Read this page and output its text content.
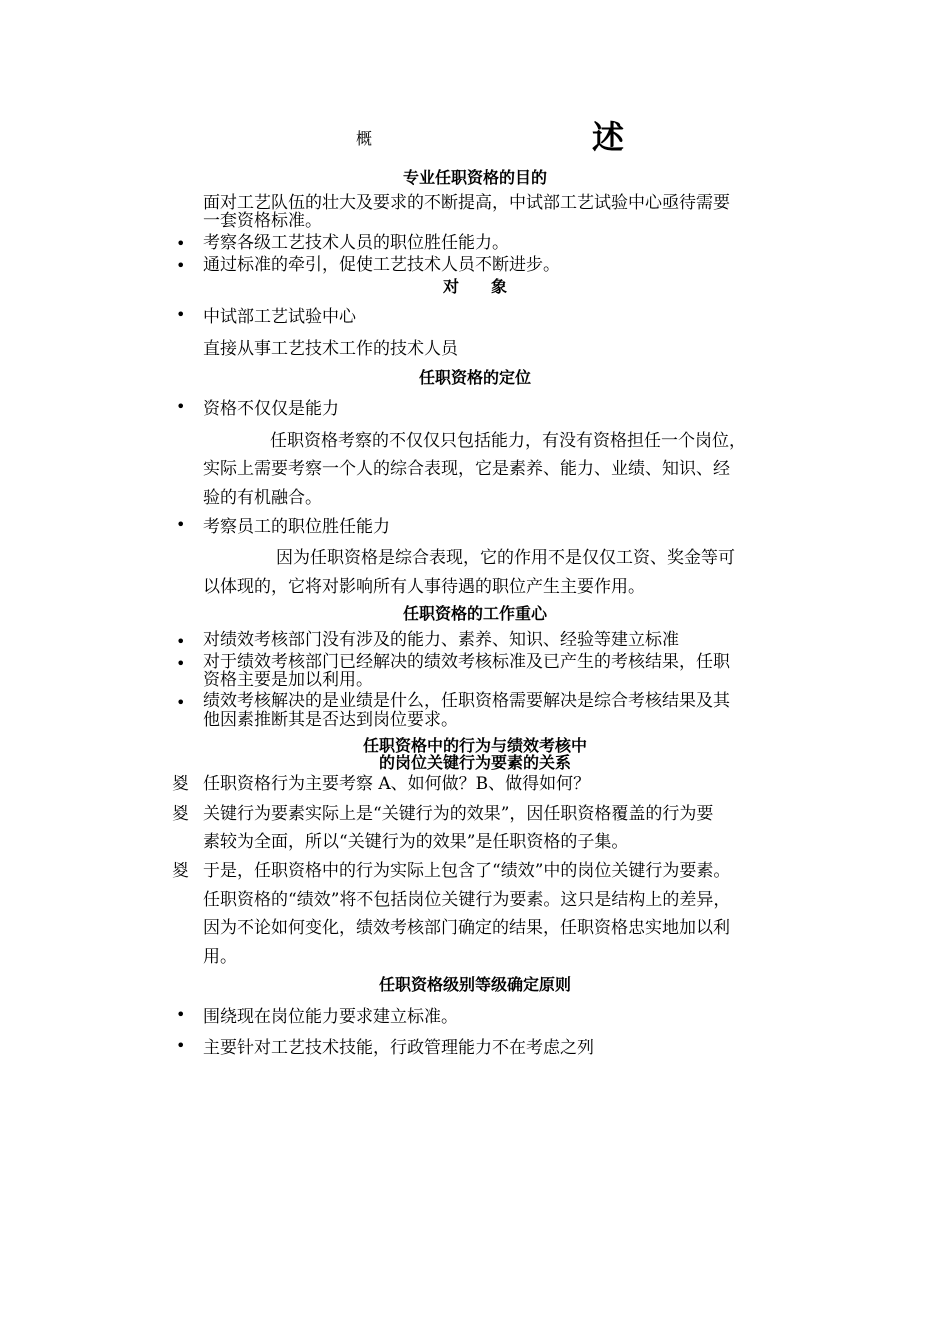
概	述
专业任职资格的目的
面对工艺队伍的壮大及要求的不断提高，中试部工艺试验中心亟待需要
一套资格标准。
• 考察各级工艺技术人员的职位胜任能力。
• 通过标准的牵引，促使工艺技术人员不断进步。
对　　象
• 中试部工艺试验中心
直接从事工艺技术工作的技术人员
任职资格的定位
• 资格不仅仅是能力
任职资格考察的不仅仅只包括能力，有没有资格担任一个岗位，
实际上需要考察一个人的综合表现，它是素养、能力、业绩、知识、经
验的有机融合。
• 考察员工的职位胜任能力
因为任职资格是综合表现，它的作用不是仅仅工资、奖金等可
以体现的，它将对影响所有人事待遇的职位产生主要作用。
任职资格的工作重心
• 对绩效考核部门没有涉及的能力、素养、知识、经验等建立标准
• 对于绩效考核部门已经解决的绩效考核标准及已产生的考核结果，任职
资格主要是加以利用。
• 绩效考核解决的是业绩是什么，任职资格需要解决是综合考核结果及其
他因素推断其是否达到岗位要求。
任职资格中的行为与绩效考核中
的岗位关键行为要素的关系
㚇 任职资格行为主要考察 A、如何做？B、做得如何？
㚇 关键行为要素实际上是“关键行为的效果”，因任职资格覆盖的行为要
素较为全面，所以“关键行为的效果”是任职资格的子集。
㚇 于是，任职资格中的行为实际上包含了“绩效”中的岗位关键行为要素。
任职资格的“绩效”将不包括岗位关键行为要素。这只是结构上的差异，
因为不论如何变化，绩效考核部门确定的结果，任职资格忠实地加以利
用。
任职资格级别等级确定原则
• 围绕现在岗位能力要求建立标准。
• 主要针对工艺技术技能，行政管理能力不在考虑之列
